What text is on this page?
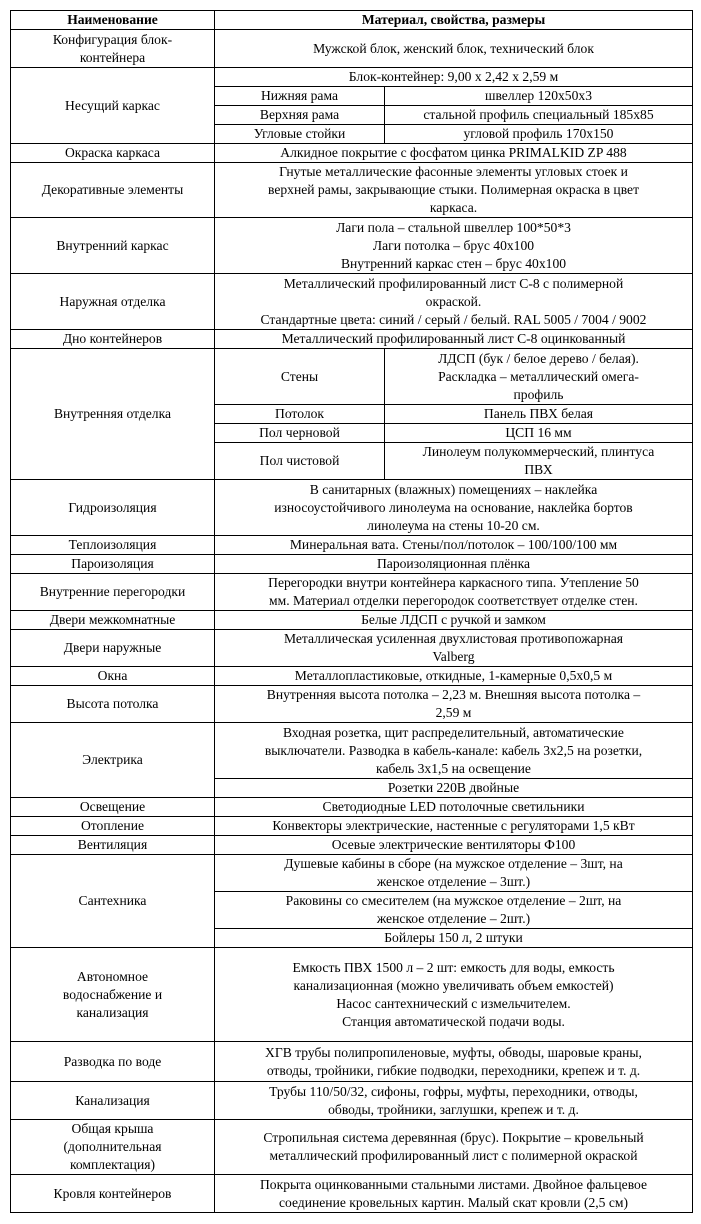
Наименование	Материал, свойства, размеры	
Конфигурация блок-
контейнера	Мужской блок, женский блок, технический блок	
Несущий каркас	Блок-контейнер: 9,00 х 2,42 х 2,59 м	
	Нижняя рама	швеллер 120х50х3
	Верхняя рама	стальной профиль специальный 185х85
	Угловые стойки	угловой профиль 170х150
Окраска каркаса	Алкидное покрытие с фосфатом цинка PRIMALKID ZP 488	
Декоративные элементы	Гнутые металлические фасонные элементы угловых стоек и
верхней рамы, закрывающие стыки. Полимерная окраска в цвет
каркаса.	
Внутренний каркас	Лаги пола – стальной швеллер 100*50*3
Лаги потолка – брус 40х100
Внутренний каркас стен – брус 40х100	
Наружная отделка	Металлический профилированный лист С-8 с полимерной
окраской.
Стандартные цвета: синий / серый / белый. RAL 5005 / 7004 / 9002	
Дно контейнеров	Металлический профилированный лист С-8 оцинкованный	
Внутренняя отделка	Стены	ЛДСП (бук / белое дерево / белая).
Раскладка – металлический омега-
профиль
	Потолок	Панель ПВХ белая
	Пол черновой	ЦСП 16 мм
	Пол чистовой	Линолеум полукоммерческий, плинтуса
ПВХ
Гидроизоляция	В санитарных (влажных) помещениях – наклейка
износоустойчивого линолеума на основание, наклейка бортов
линолеума на стены 10-20 см.	
Теплоизоляция	Минеральная вата. Стены/пол/потолок – 100/100/100 мм	
Пароизоляция	Пароизоляционная плёнка	
Внутренние перегородки	Перегородки внутри контейнера каркасного типа. Утепление 50
мм. Материал отделки перегородок соответствует отделке стен.	
Двери межкомнатные	Белые ЛДСП с ручкой и замком	
Двери наружные	Металлическая усиленная двухлистовая противопожарная
Valberg	
Окна	Металлопластиковые, откидные, 1-камерные 0,5х0,5 м	
Высота потолка	Внутренняя высота потолка – 2,23 м. Внешняя высота потолка –
2,59 м	
Электрика	Входная розетка, щит распределительный, автоматические
выключатели. Разводка в кабель-канале: кабель 3х2,5 на розетки,
кабель 3х1,5 на освещение	
	Розетки 220В двойные	
Освещение	Светодиодные LED потолочные светильники	
Отопление	Конвекторы электрические, настенные с регуляторами 1,5 кВт	
Вентиляция	Осевые электрические вентиляторы Ф100	
Сантехника	Душевые кабины в сборе (на мужское отделение – 3шт, на
женское отделение – 3шт.)	
	Раковины со смесителем (на мужское отделение – 2шт, на
женское отделение – 2шт.)	
	Бойлеры 150 л, 2 штуки	
Автономное
водоснабжение и
канализация	Емкость ПВХ 1500 л – 2 шт: емкость для воды, емкость
канализационная (можно увеличивать объем емкостей)
Насос сантехнический с измельчителем.
Станция автоматической подачи воды.	
Разводка по воде	ХГВ трубы полипропиленовые, муфты, обводы, шаровые краны,
отводы, тройники, гибкие подводки, переходники, крепеж и т. д.	
Канализация	Трубы 110/50/32, сифоны, гофры, муфты, переходники, отводы,
обводы, тройники, заглушки, крепеж и т. д.	
Общая крыша
(дополнительная
комплектация)	Стропильная система деревянная (брус). Покрытие – кровельный
металлический профилированный лист с полимерной окраской	
Кровля контейнеров	Покрыта оцинкованными стальными листами. Двойное фальцевое
соединение кровельных картин. Малый скат кровли (2,5 см)	
